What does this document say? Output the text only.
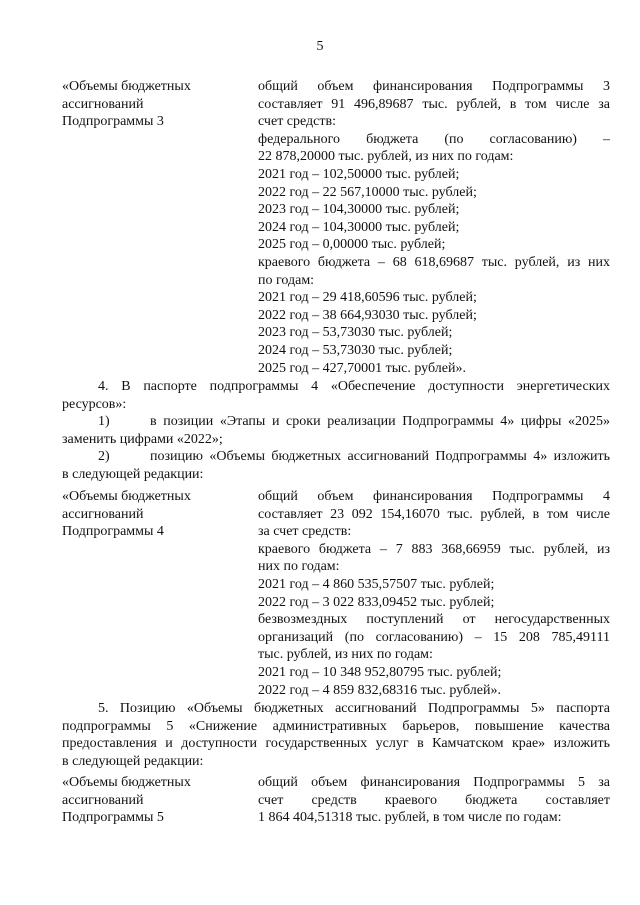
5
«Объемы бюджетных
ассигнований
Подпрограммы 3
общий объем финансирования Подпрограммы 3
составляет 91 496,89687 тыс. рублей, в том числе за
счет средств:
федерального бюджета (по согласованию) –
22 878,20000 тыс. рублей, из них по годам:
2021 год – 102,50000 тыс. рублей;
2022 год – 22 567,10000 тыс. рублей;
2023 год – 104,30000 тыс. рублей;
2024 год – 104,30000 тыс. рублей;
2025 год – 0,00000 тыс. рублей;
краевого бюджета – 68 618,69687 тыс. рублей, из них
по годам:
2021 год – 29 418,60596 тыс. рублей;
2022 год – 38 664,93030 тыс. рублей;
2023 год – 53,73030 тыс. рублей;
2024 год – 53,73030 тыс. рублей;
2025 год – 427,70001 тыс. рублей».
4. В паспорте подпрограммы 4 «Обеспечение доступности энергетических
ресурсов»:
1)	в позиции «Этапы и сроки реализации Подпрограммы 4» цифры «2025»
заменить цифрами «2022»;
2)	позицию «Объемы бюджетных ассигнований Подпрограммы 4» изложить
в следующей редакции:
«Объемы бюджетных
ассигнований
Подпрограммы 4
общий объем финансирования Подпрограммы 4
составляет 23 092 154,16070 тыс. рублей, в том числе
за счет средств:
краевого бюджета – 7 883 368,66959 тыс. рублей, из
них по годам:
2021 год – 4 860 535,57507 тыс. рублей;
2022 год – 3 022 833,09452 тыс. рублей;
безвозмездных поступлений от негосударственных
организаций (по согласованию) – 15 208 785,49111
тыс. рублей, из них по годам:
2021 год – 10 348 952,80795 тыс. рублей;
2022 год – 4 859 832,68316 тыс. рублей».
5. Позицию «Объемы бюджетных ассигнований Подпрограммы 5» паспорта
подпрограммы 5 «Снижение административных барьеров, повышение качества
предоставления и доступности государственных услуг в Камчатском крае» изложить
в следующей редакции:
«Объемы бюджетных
ассигнований
Подпрограммы 5
общий объем финансирования Подпрограммы 5 за
счет средств краевого бюджета составляет
1 864 404,51318 тыс. рублей, в том числе по годам:
